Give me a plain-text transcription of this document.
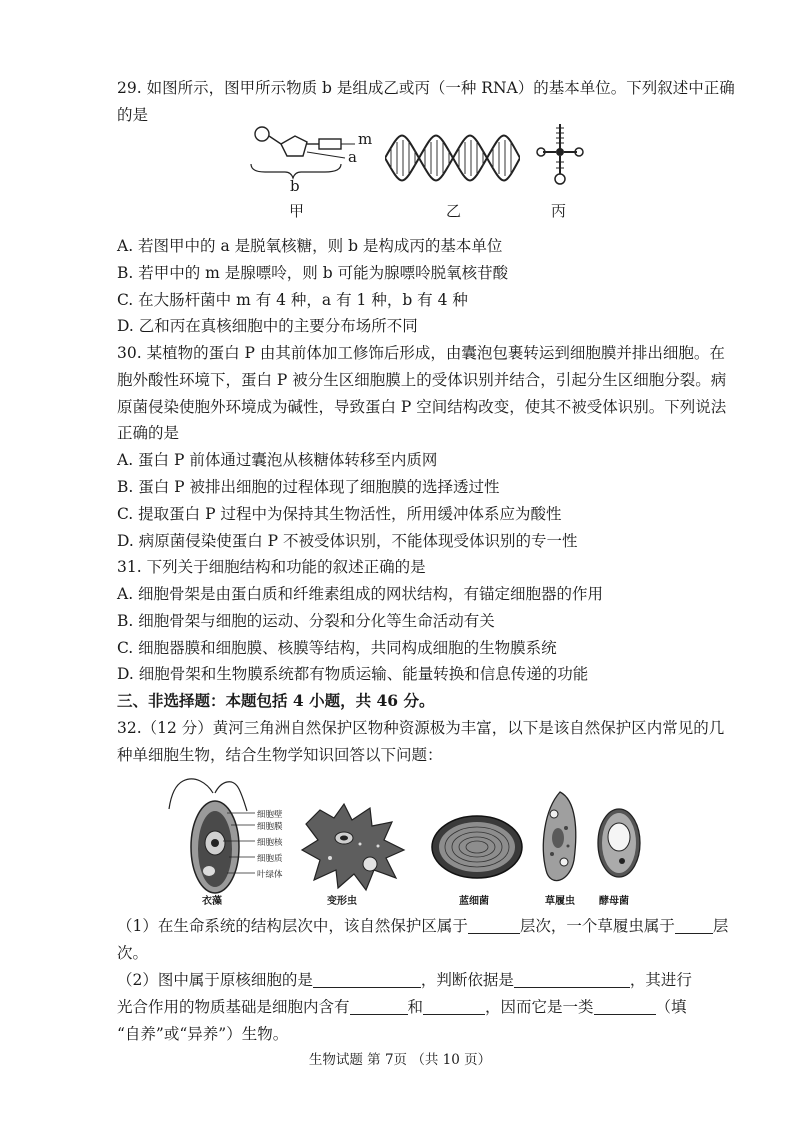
29. 如图所示，图甲所示物质 b 是组成乙或丙（一种 RNA）的基本单位。下列叙述中正确
的是
m
a
b
甲	乙	丙
A. 若图甲中的 a 是脱氧核糖，则 b 是构成丙的基本单位
B. 若甲中的 m 是腺嘌呤，则 b 可能为腺嘌呤脱氧核苷酸
C. 在大肠杆菌中 m 有 4 种，a 有 1 种，b 有 4 种
D. 乙和丙在真核细胞中的主要分布场所不同
30. 某植物的蛋白 P 由其前体加工修饰后形成，由囊泡包裹转运到细胞膜并排出细胞。在
胞外酸性环境下，蛋白 P 被分生区细胞膜上的受体识别并结合，引起分生区细胞分裂。病
原菌侵染使胞外环境成为碱性，导致蛋白 P 空间结构改变，使其不被受体识别。下列说法
正确的是
A. 蛋白 P 前体通过囊泡从核糖体转移至内质网
B. 蛋白 P 被排出细胞的过程体现了细胞膜的选择透过性
C. 提取蛋白 P 过程中为保持其生物活性，所用缓冲体系应为酸性
D. 病原菌侵染使蛋白 P 不被受体识别，不能体现受体识别的专一性
31. 下列关于细胞结构和功能的叙述正确的是
A. 细胞骨架是由蛋白质和纤维素组成的网状结构，有锚定细胞器的作用
B. 细胞骨架与细胞的运动、分裂和分化等生命活动有关
C. 细胞器膜和细胞膜、核膜等结构，共同构成细胞的生物膜系统
D. 细胞骨架和生物膜系统都有物质运输、能量转换和信息传递的功能
三、非选择题：本题包括 4 小题，共 46 分。
32.（12 分）黄河三角洲自然保护区物种资源极为丰富，以下是该自然保护区内常见的几
种单细胞生物，结合生物学知识回答以下问题：
细胞壁
细胞膜
细胞核
细胞质
叶绿体
衣藻	变形虫	蓝细菌	草履虫 酵母菌
（1）在生命系统的结构层次中，该自然保护区属于	层次，一个草履虫属于 层
次。
（2）图中属于原核细胞的是	，判断依据是	，其进行
光合作用的物质基础是细胞内含有	和	，因而它是一类	（填
“自养”或“异养”）生物。
生物试题 第 7页 （共 10 页）
